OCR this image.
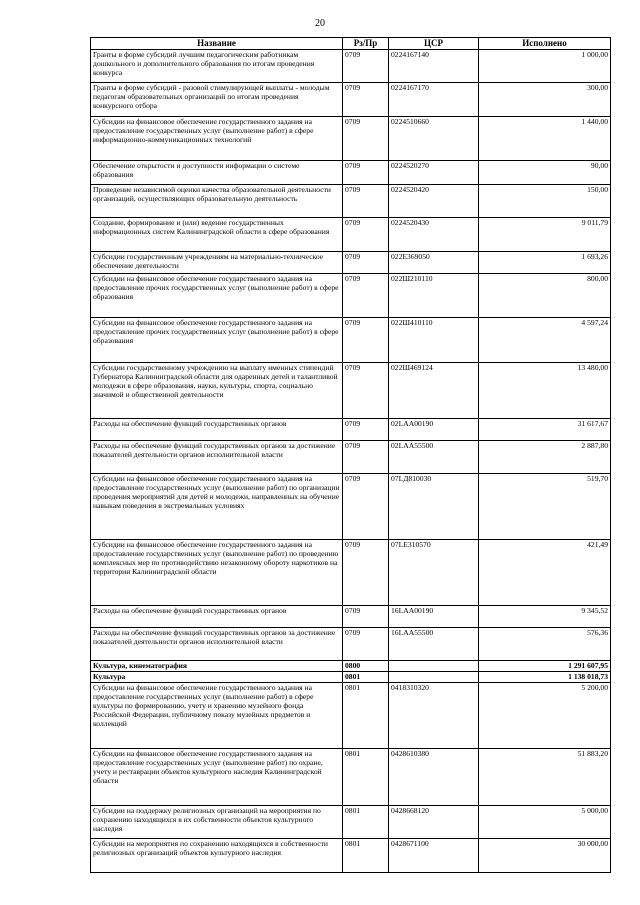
20
Название	Рз/Пр	ЦСР	Исполнено
Гранты в форме субсидий лучшим педагогическим работникам дошкольного и дополнительного образования по итогам проведения конкурса	0709	0224167140	1 000,00
Гранты в форме субсидий - разовой стимулирующей выплаты - молодым педагогам образовательных организаций по итогам проведения конкурсного отбора	0709	0224167170	300,00
Субсидии на финансовое обеспечение государственного задания на предоставление государственных услуг (выполнение работ) в сфере информационно-коммуникационных технологий	0709	0224510660	1 440,00
Обеспечение открытости и доступности информации о системе образования	0709	0224520270	90,00
Проведение независимой оценки качества образовательной деятельности организаций, осуществляющих образовательную деятельность	0709	0224520420	150,00
Создание, формирование и (или) ведение государственных информационных систем Калининградской области в сфере образования	0709	0224520430	9 011,79
Субсидии государственным учреждениям на материально-техническое обеспечение деятельности	0709	022E369050	1 693,26
Субсидии на финансовое обеспечение государственного задания на предоставление прочих государственных услуг (выполнение работ) в сфере образования	0709	022Ш210110	800,00
Субсидии на финансовое обеспечение государственного задания на предоставление прочих государственных услуг (выполнение работ) в сфере образования	0709	022Ш410110	4 597,24
Субсидии государственному учреждению на выплату именных стипендий Губернатора Калининградской области для одаренных детей и талантливой молодежи в сфере образования, науки, культуры, спорта, социально значимой и общественной деятельности	0709	022Ш469124	13 480,00
Расходы на обеспечение функций государственных органов	0709	02LAA00190	31 617,67
Расходы на обеспечение функций государственных органов за достижение показателей деятельности органов исполнительной власти	0709	02LAA55500	2 887,80
Субсидии на финансовое обеспечение государственного задания на предоставление государственных услуг (выполнение работ) по организации проведения мероприятий для детей и молодежи, направленных на обучение навыкам поведения в экстремальных условиях	0709	07LД810030	519,70
Субсидии на финансовое обеспечение государственного задания на предоставление государственных услуг (выполнение работ) по проведению комплексных мер по противодействию незаконному обороту наркотиков на территории Калининградской области	0709	07LE310570	421,49
Расходы на обеспечение функций государственных органов	0709	16LAA00190	9 345,52
Расходы на обеспечение функций государственных органов за достижение показателей деятельности органов исполнительной власти	0709	16LAA55500	576,36
Культура, кинематография	0800		1 291 607,95
Культура	0801		1 138 018,73
Субсидии на финансовое обеспечение государственного задания на предоставление государственных услуг (выполнение работ) в сфере культуры по формированию, учету и хранению музейного фонда Российской Федерации, публичному показу музейных предметов и коллекций	0801	0418310320	5 200,00
Субсидии на финансовое обеспечение государственного задания на предоставление государственных услуг (выполнение работ) по охране, учету и реставрации объектов культурного наследия Калининградской области	0801	0428610380	51 883,20
Субсидии на поддержку религиозных организаций на мероприятия по сохранению находящихся в их собственности объектов культурного наследия	0801	0428668120	5 000,00
Субсидии на мероприятия по сохранению находящихся в собственности религиозных организаций объектов культурного наследия	0801	0428671100	30 000,00
